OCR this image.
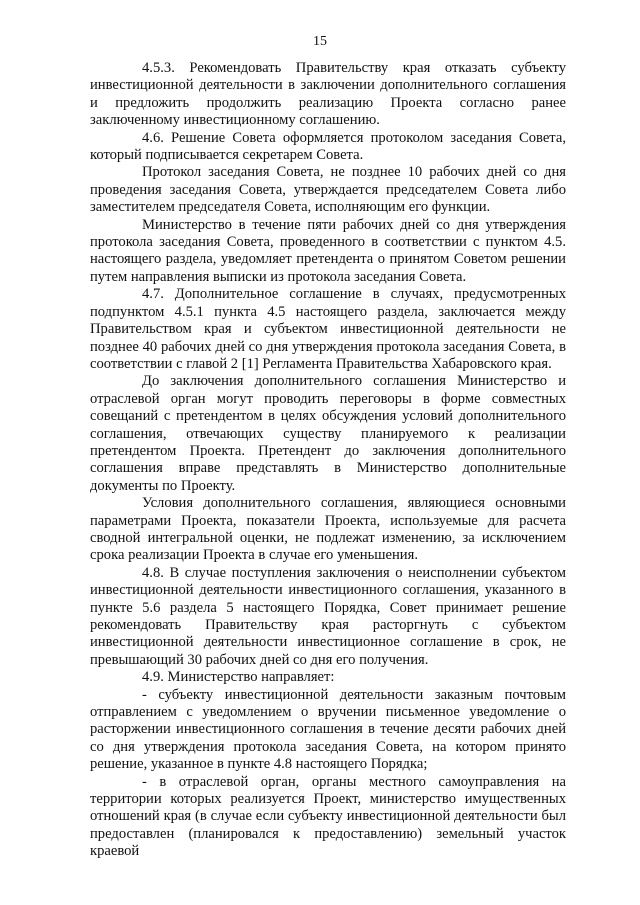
15

4.5.3. Рекомендовать Правительству края отказать субъекту инвестиционной деятельности в заключении дополнительного соглашения и предложить продолжить реализацию Проекта согласно ранее заключенному инвестиционному соглашению.

4.6. Решение Совета оформляется протоколом заседания Совета, который подписывается секретарем Совета.

Протокол заседания Совета, не позднее 10 рабочих дней со дня проведения заседания Совета, утверждается председателем Совета либо заместителем председателя Совета, исполняющим его функции.

Министерство в течение пяти рабочих дней со дня утверждения протокола заседания Совета, проведенного в соответствии с пунктом 4.5. настоящего раздела, уведомляет претендента о принятом Советом решении путем направления выписки из протокола заседания Совета.

4.7. Дополнительное соглашение в случаях, предусмотренных подпунктом 4.5.1 пункта 4.5 настоящего раздела, заключается между Правительством края и субъектом инвестиционной деятельности не позднее 40 рабочих дней со дня утверждения протокола заседания Совета, в соответствии с главой 2 [1] Регламента Правительства Хабаровского края.

До заключения дополнительного соглашения Министерство и отраслевой орган могут проводить переговоры в форме совместных совещаний с претендентом в целях обсуждения условий дополнительного соглашения, отвечающих существу планируемого к реализации претендентом Проекта. Претендент до заключения дополнительного соглашения вправе представлять в Министерство дополнительные документы по Проекту.

Условия дополнительного соглашения, являющиеся основными параметрами Проекта, показатели Проекта, используемые для расчета сводной интегральной оценки, не подлежат изменению, за исключением срока реализации Проекта в случае его уменьшения.

4.8. В случае поступления заключения о неисполнении субъектом инвестиционной деятельности инвестиционного соглашения, указанного в пункте 5.6 раздела 5 настоящего Порядка, Совет принимает решение рекомендовать Правительству края расторгнуть с субъектом инвестиционной деятельности инвестиционное соглашение в срок, не превышающий 30 рабочих дней со дня его получения.

4.9. Министерство направляет:

- субъекту инвестиционной деятельности заказным почтовым отправлением с уведомлением о вручении письменное уведомление о расторжении инвестиционного соглашения в течение десяти рабочих дней со дня утверждения протокола заседания Совета, на котором принято решение, указанное в пункте 4.8 настоящего Порядка;

- в отраслевой орган, органы местного самоуправления на территории которых реализуется Проект, министерство имущественных отношений края (в случае если субъекту инвестиционной деятельности был предоставлен (планировался к предоставлению) земельный участок краевой
